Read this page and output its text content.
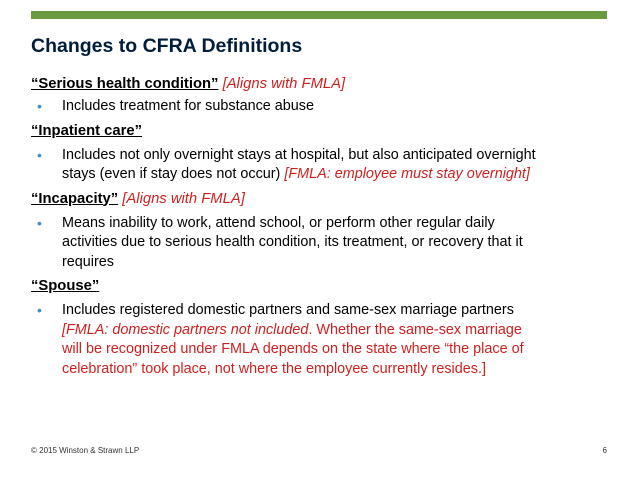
Changes to CFRA Definitions
“Serious health condition” [Aligns with FMLA]
• Includes treatment for substance abuse
“Inpatient care”
• Includes not only overnight stays at hospital, but also anticipated overnight
stays (even if stay does not occur) [FMLA: employee must stay overnight]
“Incapacity” [Aligns with FMLA]
• Means inability to work, attend school, or perform other regular daily
activities due to serious health condition, its treatment, or recovery that it
requires
“Spouse”
• Includes registered domestic partners and same-sex marriage partners
[FMLA: domestic partners not included. Whether the same-sex marriage
will be recognized under FMLA depends on the state where “the place of
celebration” took place, not where the employee currently resides.]
© 2015 Winston & Strawn LLP	6
